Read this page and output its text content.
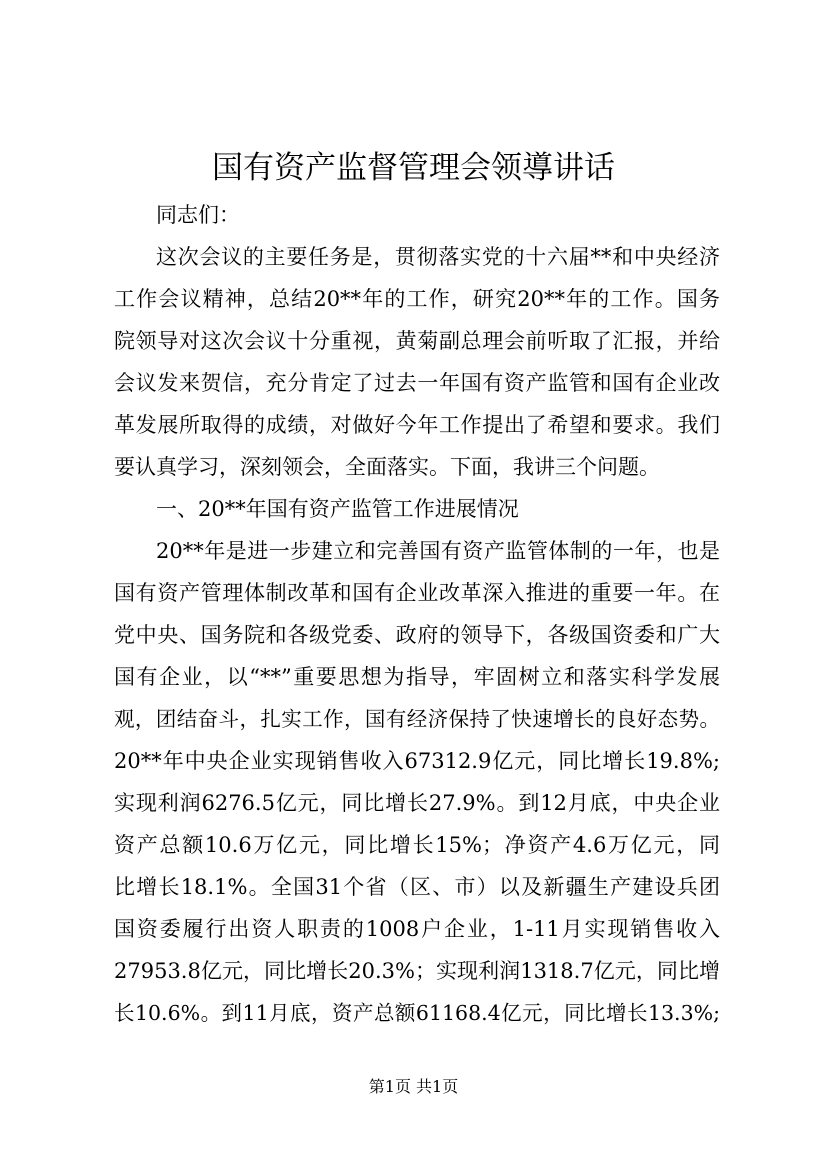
国有资产监督管理会领導讲话
同志们：
这次会议的主要任务是，贯彻落实党的十六届**和中央经济
工作会议精神，总结20**年的工作，研究20**年的工作。国务
院领导对这次会议十分重视，黄菊副总理会前听取了汇报，并给
会议发来贺信，充分肯定了过去一年国有资产监管和国有企业改
革发展所取得的成绩，对做好今年工作提出了希望和要求。我们
要认真学习，深刻领会，全面落实。下面，我讲三个问题。
一、20**年国有资产监管工作进展情况
20**年是进一步建立和完善国有资产监管体制的一年，也是
国有资产管理体制改革和国有企业改革深入推进的重要一年。在
党中央、国务院和各级党委、政府的领导下，各级国资委和广大
国有企业，以“**”重要思想为指导，牢固树立和落实科学发展
观，团结奋斗，扎实工作，国有经济保持了快速增长的良好态势。
20**年中央企业实现销售收入67312.9亿元，同比增长19.8%;
实现利润6276.5亿元，同比增长27.9%。到12月底，中央企业
资产总额10.6万亿元，同比增长15%；净资产4.6万亿元，同
比增长18.1%。全国31个省（区、市）以及新疆生产建设兵团
国资委履行出资人职责的1008户企业，1-11月实现销售收入
27953.8亿元，同比增长20.3%；实现利润1318.7亿元，同比增
长10.6%。到11月底，资产总额61168.4亿元，同比增长13.3%;
第1页 共1页
